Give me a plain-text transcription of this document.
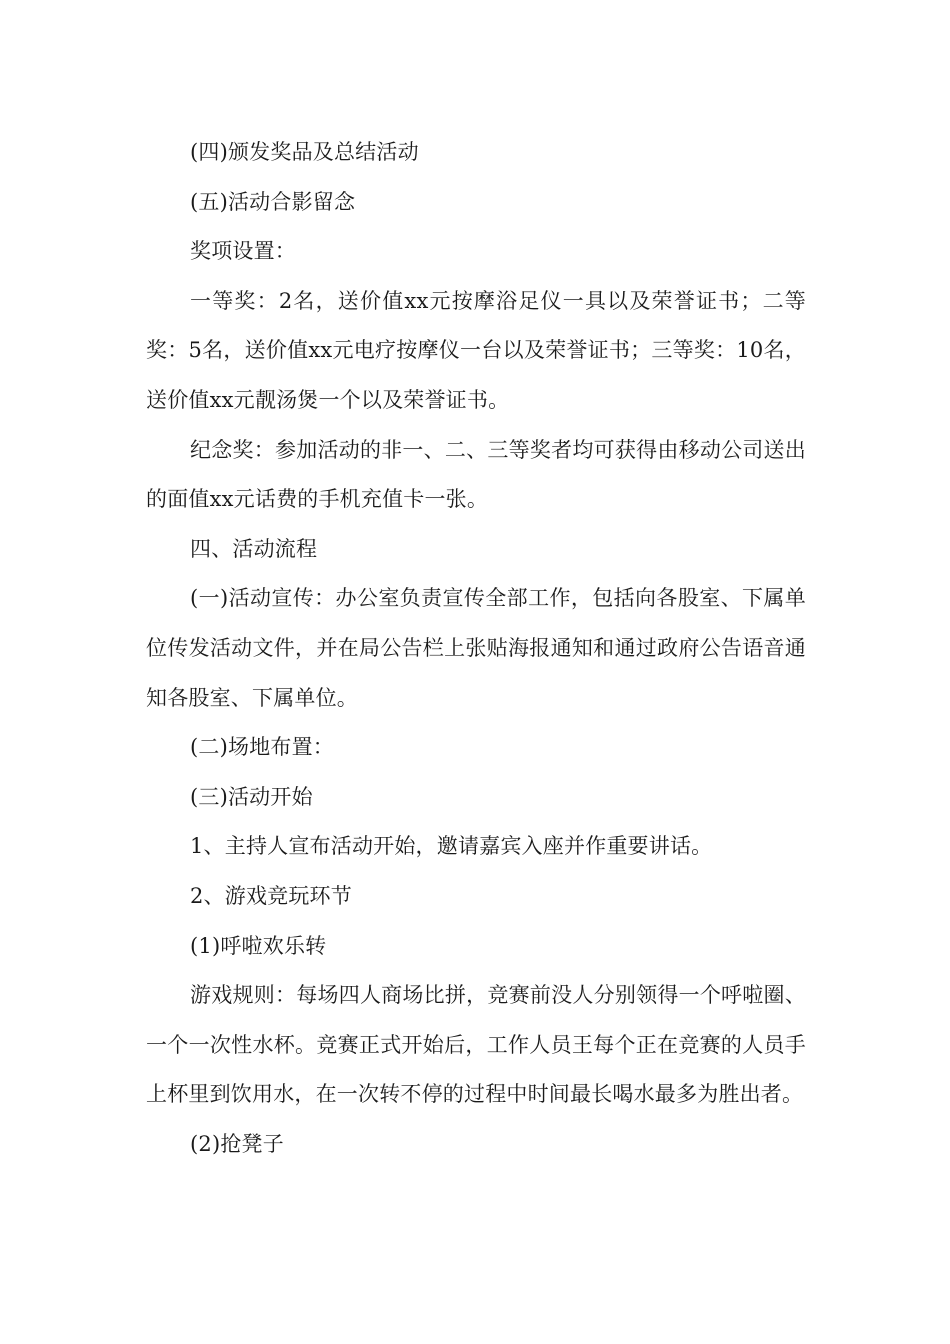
(四)颁发奖品及总结活动

(五)活动合影留念

奖项设置：

一等奖：2名，送价值xx元按摩浴足仪一具以及荣誉证书；二等奖：5名，送价值xx元电疗按摩仪一台以及荣誉证书；三等奖：10名，送价值xx元靓汤煲一个以及荣誉证书。

纪念奖：参加活动的非一、二、三等奖者均可获得由移动公司送出的面值xx元话费的手机充值卡一张。

四、活动流程

(一)活动宣传：办公室负责宣传全部工作，包括向各股室、下属单位传发活动文件，并在局公告栏上张贴海报通知和通过政府公告语音通知各股室、下属单位。

(二)场地布置：

(三)活动开始

1、主持人宣布活动开始，邀请嘉宾入座并作重要讲话。

2、游戏竞玩环节

(1)呼啦欢乐转

游戏规则：每场四人商场比拼，竞赛前没人分别领得一个呼啦圈、一个一次性水杯。竞赛正式开始后，工作人员王每个正在竞赛的人员手上杯里到饮用水，在一次转不停的过程中时间最长喝水最多为胜出者。

(2)抢凳子
